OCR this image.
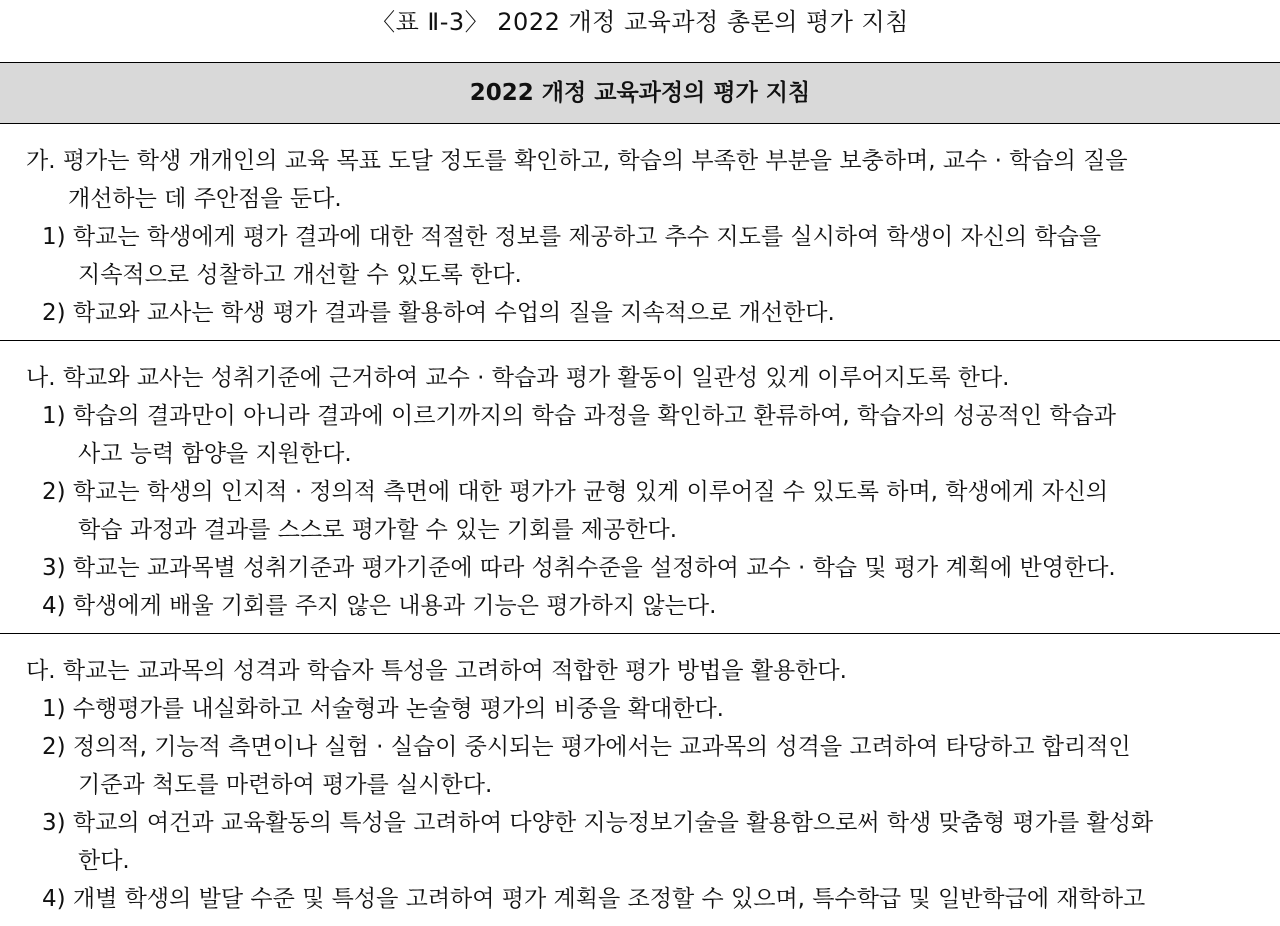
〈표 Ⅱ-3〉 2022 개정 교육과정 총론의 평가 지침
2022 개정 교육과정의 평가 지침
가. 평가는 학생 개개인의 교육 목표 도달 정도를 확인하고, 학습의 부족한 부분을 보충하며, 교수 · 학습의 질을
개선하는 데 주안점을 둔다.
1) 학교는 학생에게 평가 결과에 대한 적절한 정보를 제공하고 추수 지도를 실시하여 학생이 자신의 학습을
지속적으로 성찰하고 개선할 수 있도록 한다.
2) 학교와 교사는 학생 평가 결과를 활용하여 수업의 질을 지속적으로 개선한다.
나. 학교와 교사는 성취기준에 근거하여 교수 · 학습과 평가 활동이 일관성 있게 이루어지도록 한다.
1) 학습의 결과만이 아니라 결과에 이르기까지의 학습 과정을 확인하고 환류하여, 학습자의 성공적인 학습과
사고 능력 함양을 지원한다.
2) 학교는 학생의 인지적 · 정의적 측면에 대한 평가가 균형 있게 이루어질 수 있도록 하며, 학생에게 자신의
학습 과정과 결과를 스스로 평가할 수 있는 기회를 제공한다.
3) 학교는 교과목별 성취기준과 평가기준에 따라 성취수준을 설정하여 교수 · 학습 및 평가 계획에 반영한다.
4) 학생에게 배울 기회를 주지 않은 내용과 기능은 평가하지 않는다.
다. 학교는 교과목의 성격과 학습자 특성을 고려하여 적합한 평가 방법을 활용한다.
1) 수행평가를 내실화하고 서술형과 논술형 평가의 비중을 확대한다.
2) 정의적, 기능적 측면이나 실험 · 실습이 중시되는 평가에서는 교과목의 성격을 고려하여 타당하고 합리적인
기준과 척도를 마련하여 평가를 실시한다.
3) 학교의 여건과 교육활동의 특성을 고려하여 다양한 지능정보기술을 활용함으로써 학생 맞춤형 평가를 활성화
한다.
4) 개별 학생의 발달 수준 및 특성을 고려하여 평가 계획을 조정할 수 있으며, 특수학급 및 일반학급에 재학하고
